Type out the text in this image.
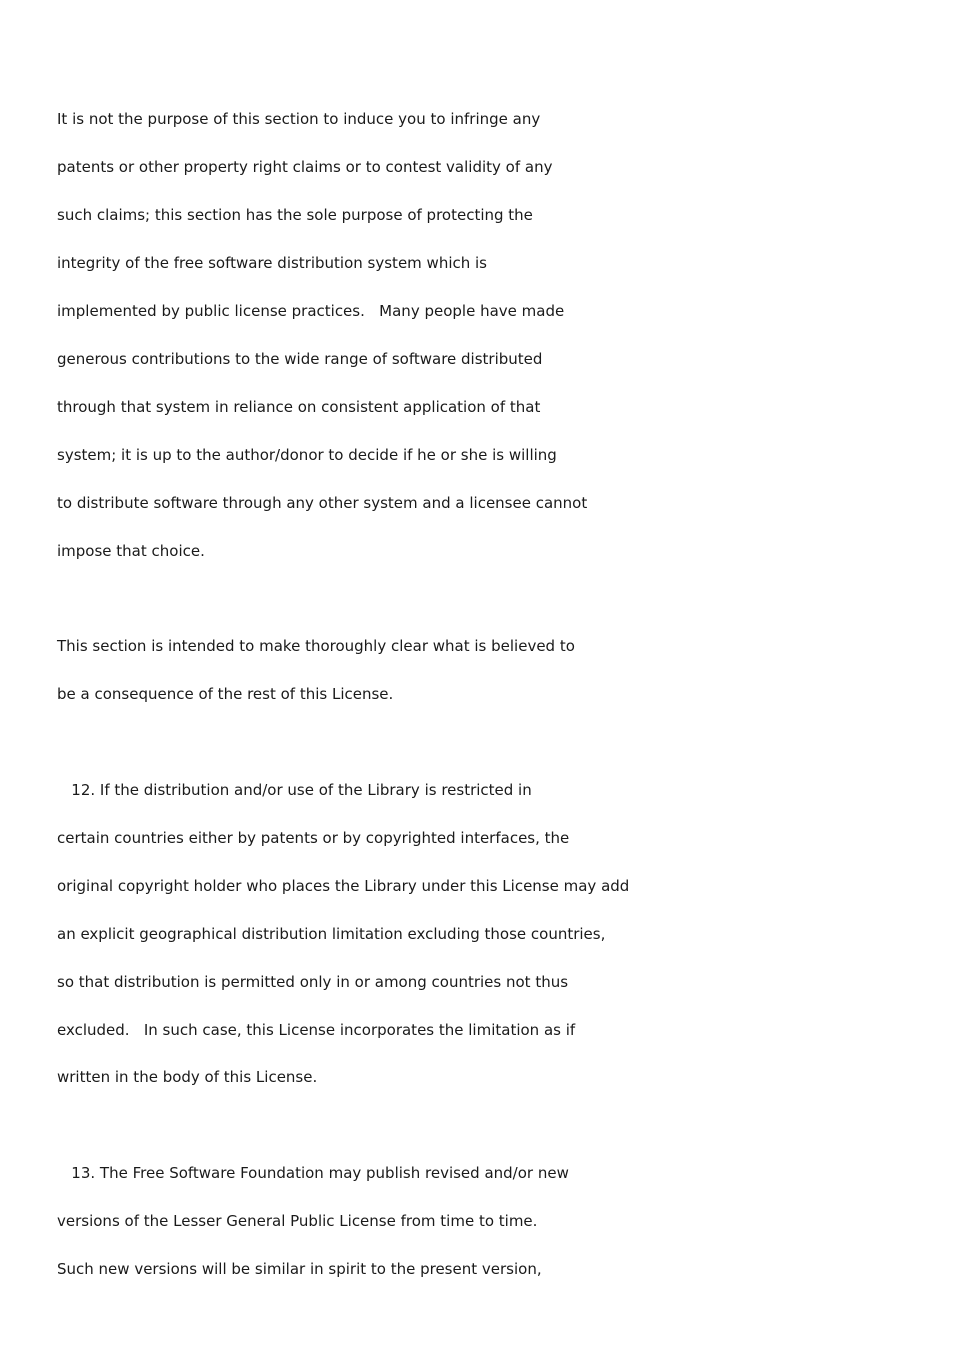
It is not the purpose of this section to induce you to infringe any
patents or other property right claims or to contest validity of any
such claims; this section has the sole purpose of protecting the
integrity of the free software distribution system which is
implemented by public license practices.   Many people have made
generous contributions to the wide range of software distributed
through that system in reliance on consistent application of that
system; it is up to the author/donor to decide if he or she is willing
to distribute software through any other system and a licensee cannot
impose that choice.
This section is intended to make thoroughly clear what is believed to
be a consequence of the rest of this License.
12. If the distribution and/or use of the Library is restricted in
certain countries either by patents or by copyrighted interfaces, the
original copyright holder who places the Library under this License may add
an explicit geographical distribution limitation excluding those countries,
so that distribution is permitted only in or among countries not thus
excluded.   In such case, this License incorporates the limitation as if
written in the body of this License.
13. The Free Software Foundation may publish revised and/or new
versions of the Lesser General Public License from time to time.
Such new versions will be similar in spirit to the present version,
